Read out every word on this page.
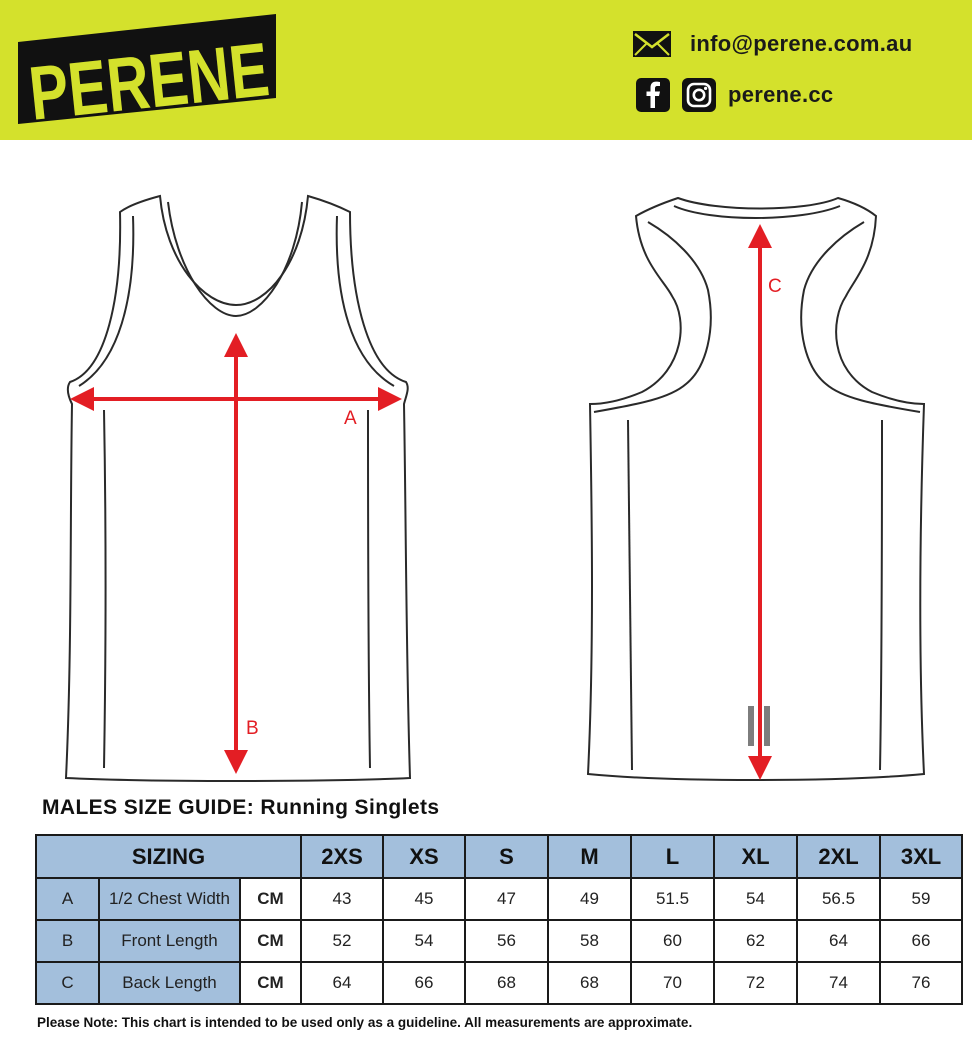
PERENE	info@perene.com.au
perene.cc
A
B
C
MALES SIZE GUIDE: Running Singlets
SIZING			2XS	XS	S	M	L	XL	2XL	3XL
A	1/2 Chest Width	CM	43	45	47	49	51.5	54	56.5	59
B	Front Length	CM	52	54	56	58	60	62	64	66
C	Back Length	CM	64	66	68	68	70	72	74	76
Please Note: This chart is intended to be used only as a guideline. All measurements are approximate.
